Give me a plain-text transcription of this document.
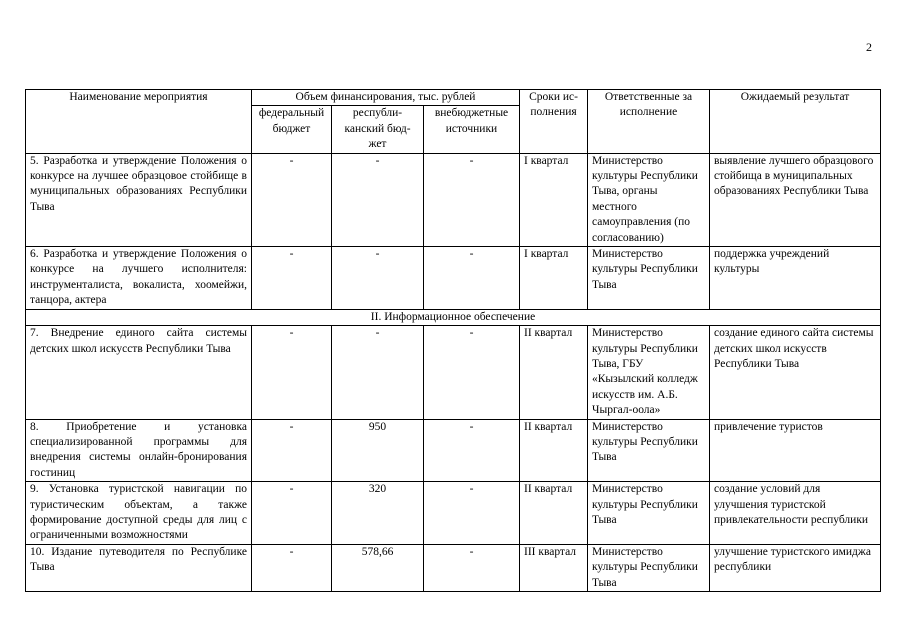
2
Наименование мероприятия	Объем финансирования, тыс. рублей			Сроки ис-полнения	Ответственные за исполнение	Ожидаемый результат
	федеральный бюджет	республи-канский бюд-жет	внебюджетные источники			
5. Разработка и утверждение Положения о конкурсе на лучшее образцовое стойбище в муниципальных образованиях Республики Тыва	-	-	-	I квартал	Министерство культуры Республики Тыва, органы местного самоуправления (по согласованию)	выявление лучшего образцового стойбища в муниципальных образованиях Республики Тыва
6. Разработка и утверждение Положения о конкурсе на лучшего исполнителя: инструменталиста, вокалиста, хоомейжи, танцора, актера	-	-	-	I квартал	Министерство культуры Республики Тыва	поддержка учреждений культуры
II. Информационное обеспечение						
7. Внедрение единого сайта системы детских школ искусств Республики Тыва	-	-	-	II квартал	Министерство культуры Республики Тыва, ГБУ «Кызылский колледж искусств им. А.Б. Чыргал-оола»	создание единого сайта системы детских школ искусств Республики Тыва
8. Приобретение и установка специализированной программы для внедрения системы онлайн-бронирования гостиниц	-	950	-	II квартал	Министерство культуры Республики Тыва	привлечение туристов
9. Установка туристской навигации по туристическим объектам, а также формирование доступной среды для лиц с ограниченными возможностями	-	320	-	II квартал	Министерство культуры Республики Тыва	создание условий для улучшения туристской привлекательности республики
10. Издание путеводителя по Республике Тыва	-	578,66	-	III квартал	Министерство культуры Республики Тыва	улучшение туристского имиджа республики
